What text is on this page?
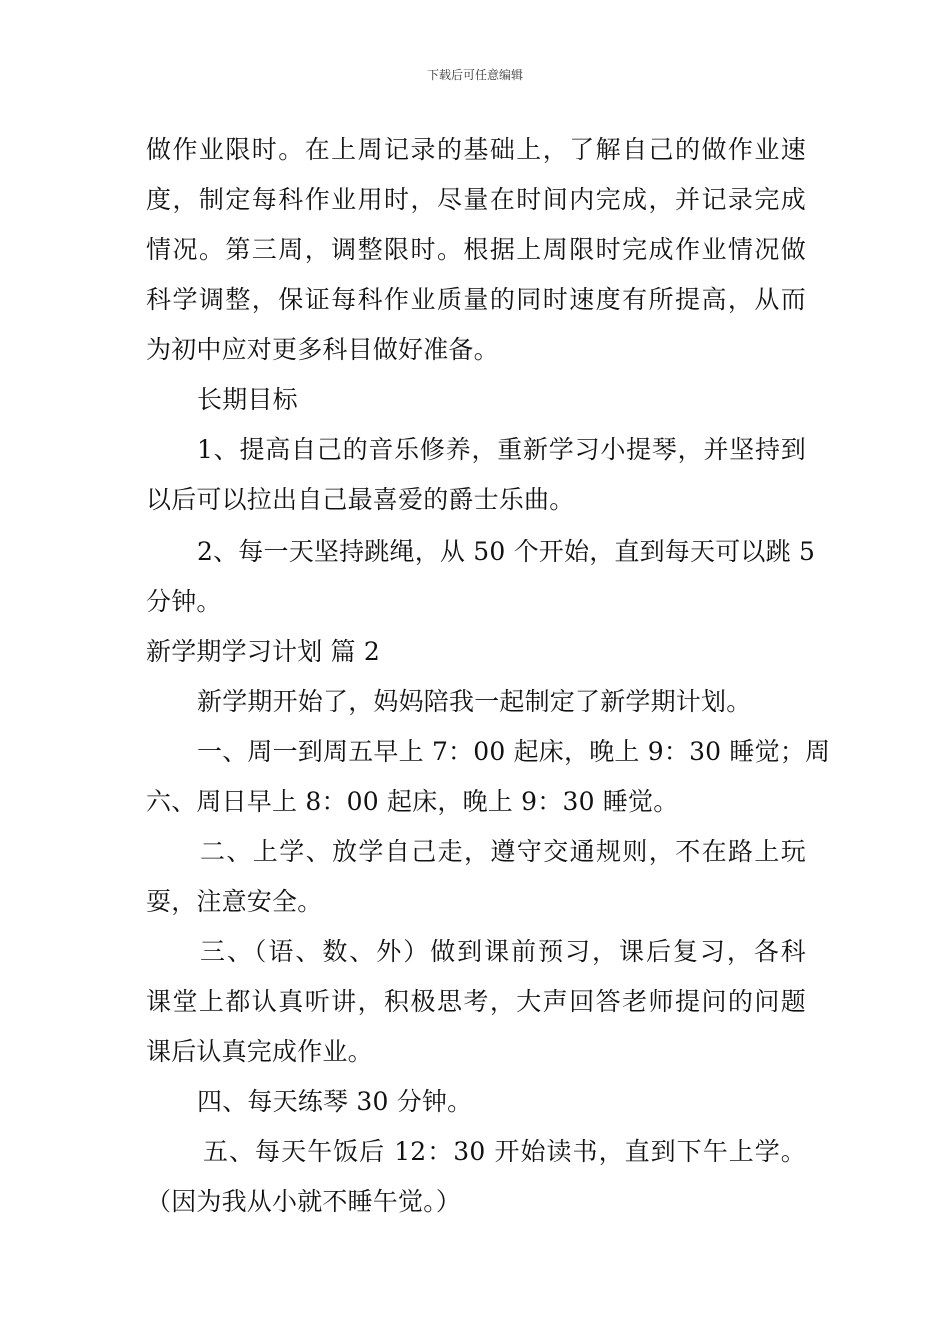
下载后可任意编辑
做作业限时。在上周记录的基础上，了解自己的做作业速
度，制定每科作业用时，尽量在时间内完成，并记录完成
情况。第三周，调整限时。根据上周限时完成作业情况做
科学调整，保证每科作业质量的同时速度有所提高，从而
为初中应对更多科目做好准备。
长期目标
1、提高自己的音乐修养，重新学习小提琴，并坚持到
以后可以拉出自己最喜爱的爵士乐曲。
2、每一天坚持跳绳，从 50 个开始，直到每天可以跳 5
分钟。
新学期学习计划 篇 2
新学期开始了，妈妈陪我一起制定了新学期计划。
一、周一到周五早上 7：00 起床，晚上 9：30 睡觉；周
六、周日早上 8：00 起床，晚上 9：30 睡觉。
二、上学、放学自己走，遵守交通规则，不在路上玩
耍，注意安全。
三、（语、数、外）做到课前预习，课后复习，各科
课堂上都认真听讲，积极思考，大声回答老师提问的问题
课后认真完成作业。
四、每天练琴 30 分钟。
五、每天午饭后 12：30 开始读书，直到下午上学。
（因为我从小就不睡午觉。）
